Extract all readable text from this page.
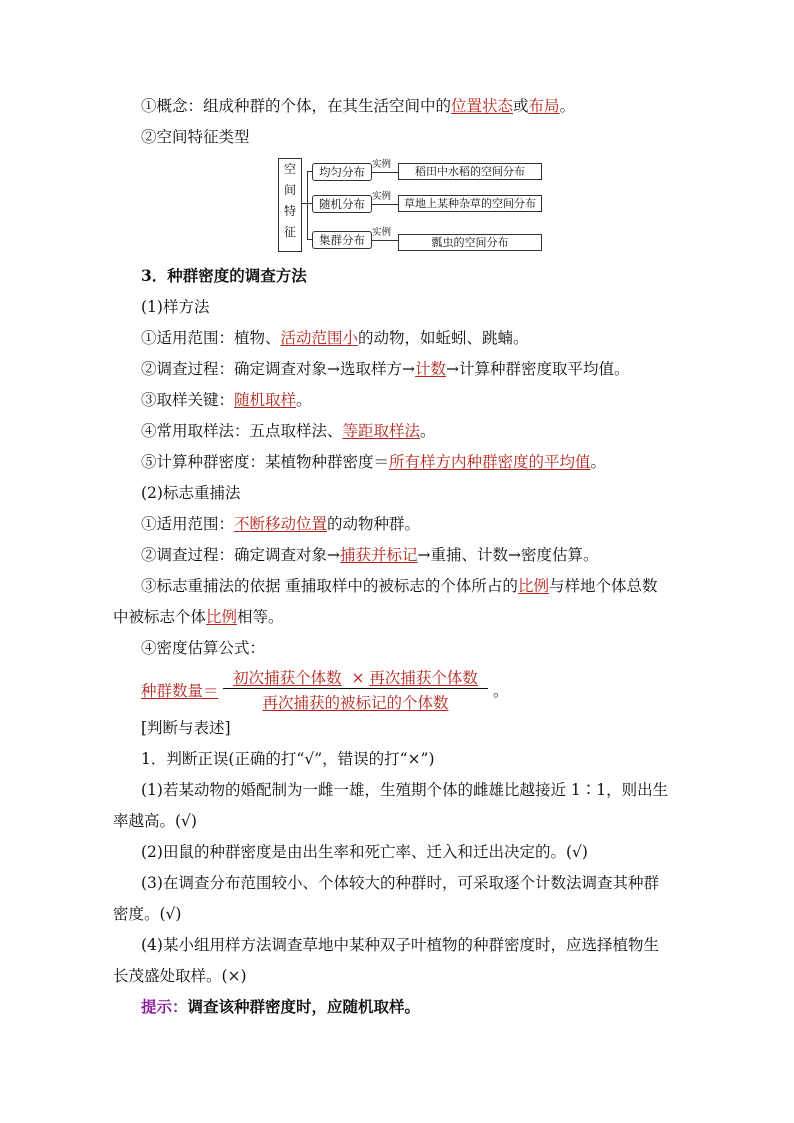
①概念：组成种群的个体，在其生活空间中的位置状态或布局。
②空间特征类型
空
间
特
征
均匀分布
随机分布
集群分布
实例
实例
实例
稻田中水稻的空间分布
草地上某种杂草的空间分布
瓢虫的空间分布
3．种群密度的调查方法
(1)样方法
①适用范围：植物、活动范围小的动物，如蚯蚓、跳蝻。
②调查过程：确定调查对象→选取样方→计数→计算种群密度取平均值。
③取样关键：随机取样。
④常用取样法：五点取样法、等距取样法。
⑤计算种群密度：某植物种群密度＝所有样方内种群密度的平均值。
(2)标志重捕法
①适用范围：不断移动位置的动物种群。
②调查过程：确定调查对象→捕获并标记→重捕、计数→密度估算。
③标志重捕法的依据 重捕取样中的被标志的个体所占的比例与样地个体总数
中被标志个体比例相等。
④密度估算公式：
种群数量＝
初次捕获个体数 × 再次捕获个体数
再次捕获的被标记的个体数
。
[判断与表述]
1．判断正误(正确的打“√”，错误的打“×”)
(1)若某动物的婚配制为一雌一雄，生殖期个体的雌雄比越接近 1∶1，则出生
率越高。(√)
(2)田鼠的种群密度是由出生率和死亡率、迁入和迁出决定的。(√)
(3)在调查分布范围较小、个体较大的种群时，可采取逐个计数法调查其种群
密度。(√)
(4)某小组用样方法调查草地中某种双子叶植物的种群密度时，应选择植物生
长茂盛处取样。(×)
提示：调查该种群密度时，应随机取样。
